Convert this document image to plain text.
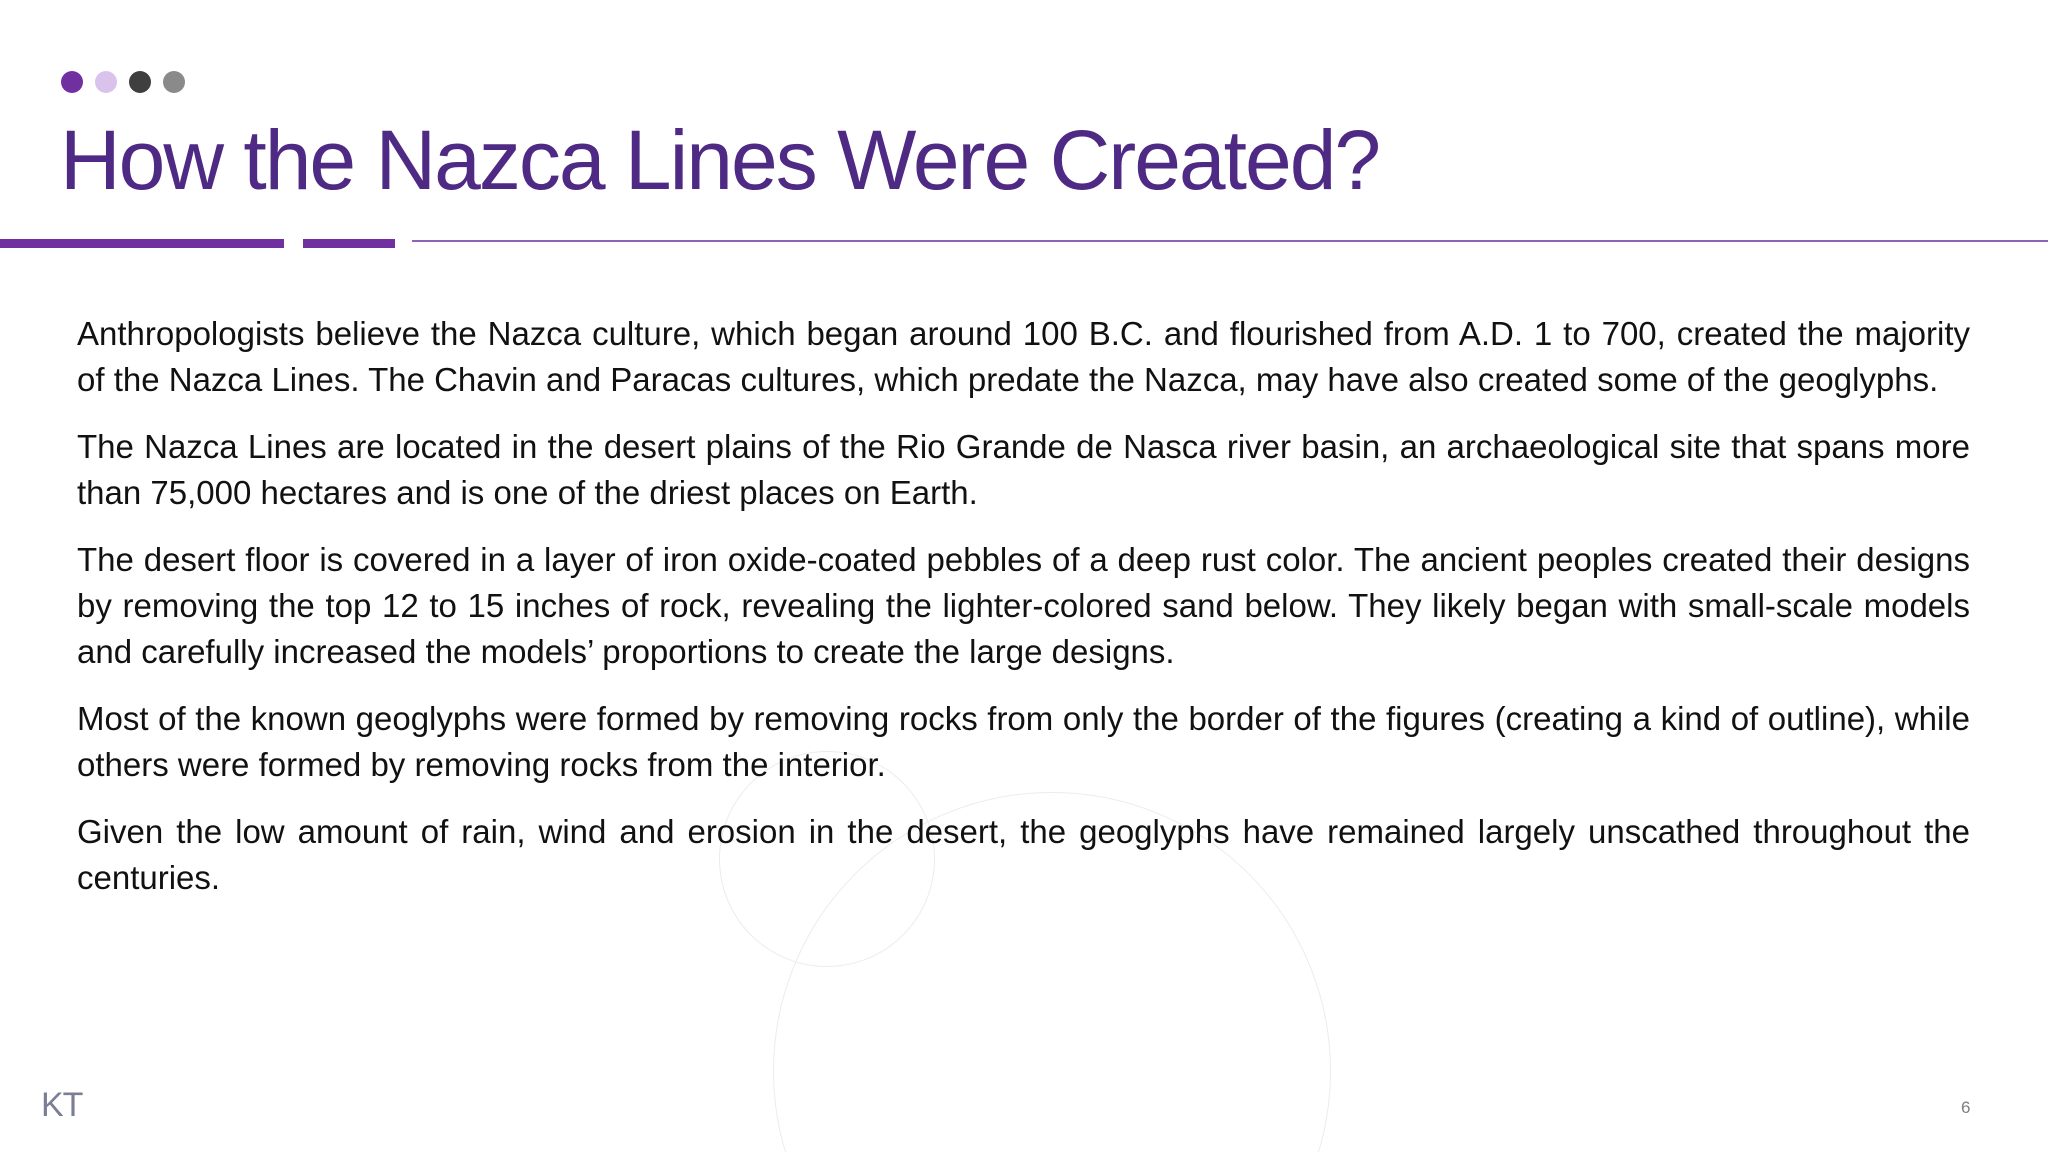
How the Nazca Lines Were Created?

Anthropologists believe the Nazca culture, which began around 100 B.C. and flourished from A.D. 1 to 700, created the majority of the Nazca Lines. The Chavin and Paracas cultures, which predate the Nazca, may have also created some of the geoglyphs.

The Nazca Lines are located in the desert plains of the Rio Grande de Nasca river basin, an archaeological site that spans more than 75,000 hectares and is one of the driest places on Earth.

The desert floor is covered in a layer of iron oxide-coated pebbles of a deep rust color. The ancient peoples created their designs by removing the top 12 to 15 inches of rock, revealing the lighter-colored sand below. They likely began with small-scale models and carefully increased the models’ proportions to create the large designs.

Most of the known geoglyphs were formed by removing rocks from only the border of the figures (creating a kind of outline), while others were formed by removing rocks from the interior.

Given the low amount of rain, wind and erosion in the desert, the geoglyphs have remained largely unscathed throughout the centuries.

KT	6
